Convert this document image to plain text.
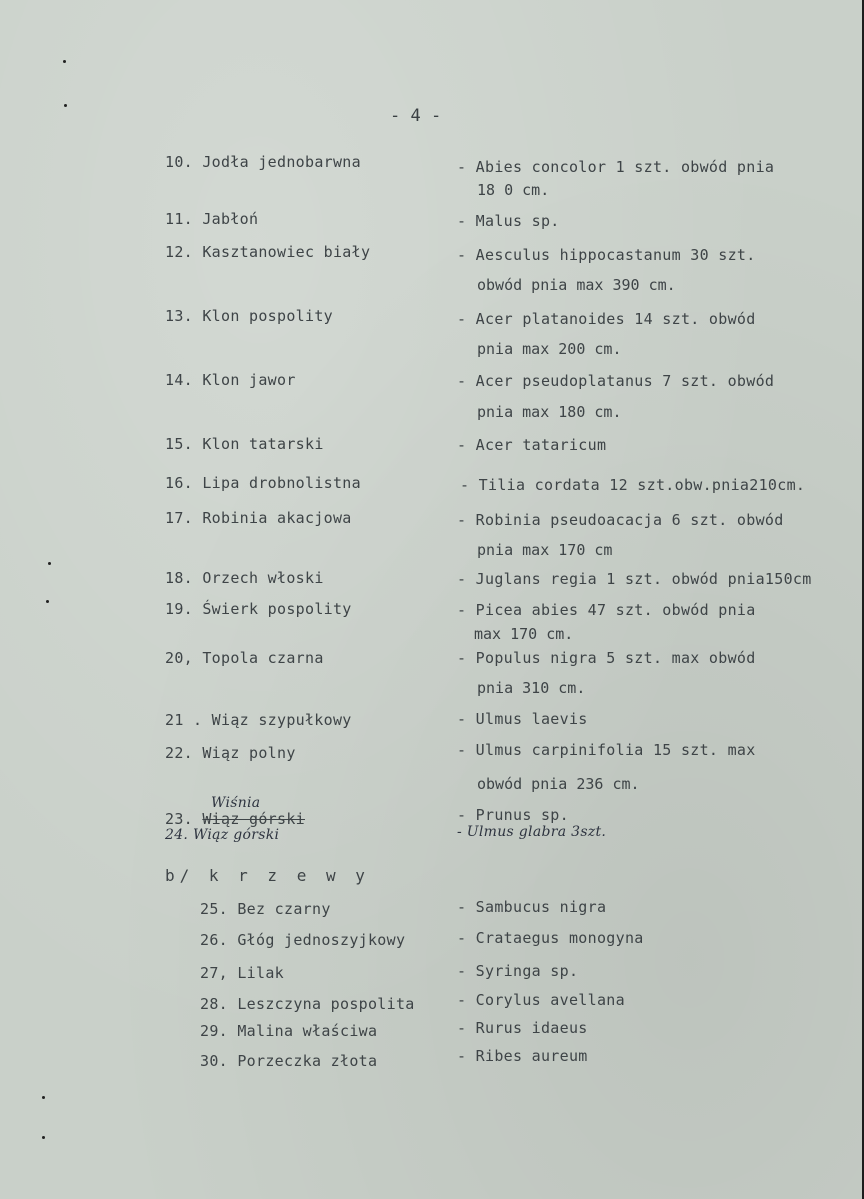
- 4 -
10. Jodła jednobarwna	- Abies concolor 1 szt. obwód pnia
18 0 cm.
11. Jabłoń	- Malus sp.
12. Kasztanowiec biały	- Aesculus hippocastanum 30 szt.
obwód pnia max 390 cm.
13. Klon pospolity	- Acer platanoides 14 szt. obwód
pnia max 200 cm.
14. Klon jawor	- Acer pseudoplatanus 7 szt. obwód
pnia max 180 cm.
15. Klon tatarski	- Acer tataricum
16. Lipa drobnolistna	- Tilia cordata 12 szt.obw.pnia210cm.
17. Robinia akacjowa	- Robinia pseudoacacja 6 szt. obwód
pnia max 170 cm
18. Orzech włoski	- Juglans regia 1 szt. obwód pnia150cm
19. Świerk pospolity	- Picea abies 47 szt. obwód pnia
max 170 cm.
20, Topola czarna	- Populus nigra 5 szt. max obwód
pnia 310 cm.
21 . Wiąz szypułkowy	- Ulmus laevis
22. Wiąz polny	- Ulmus carpinifolia 15 szt. max
obwód pnia 236 cm.
Wiśnia
23. Wiąz górski	- Prunus sp.
24. Wiąz górski	- Ulmus glabra 3szt.
b/ k r z e w y
25. Bez czarny	- Sambucus nigra
26. Głóg jednoszyjkowy	- Crataegus monogyna
27, Lilak	- Syringa sp.
28. Leszczyna pospolita	- Corylus avellana
29. Malina właściwa	- Rurus idaeus
30. Porzeczka złota	- Ribes aureum
